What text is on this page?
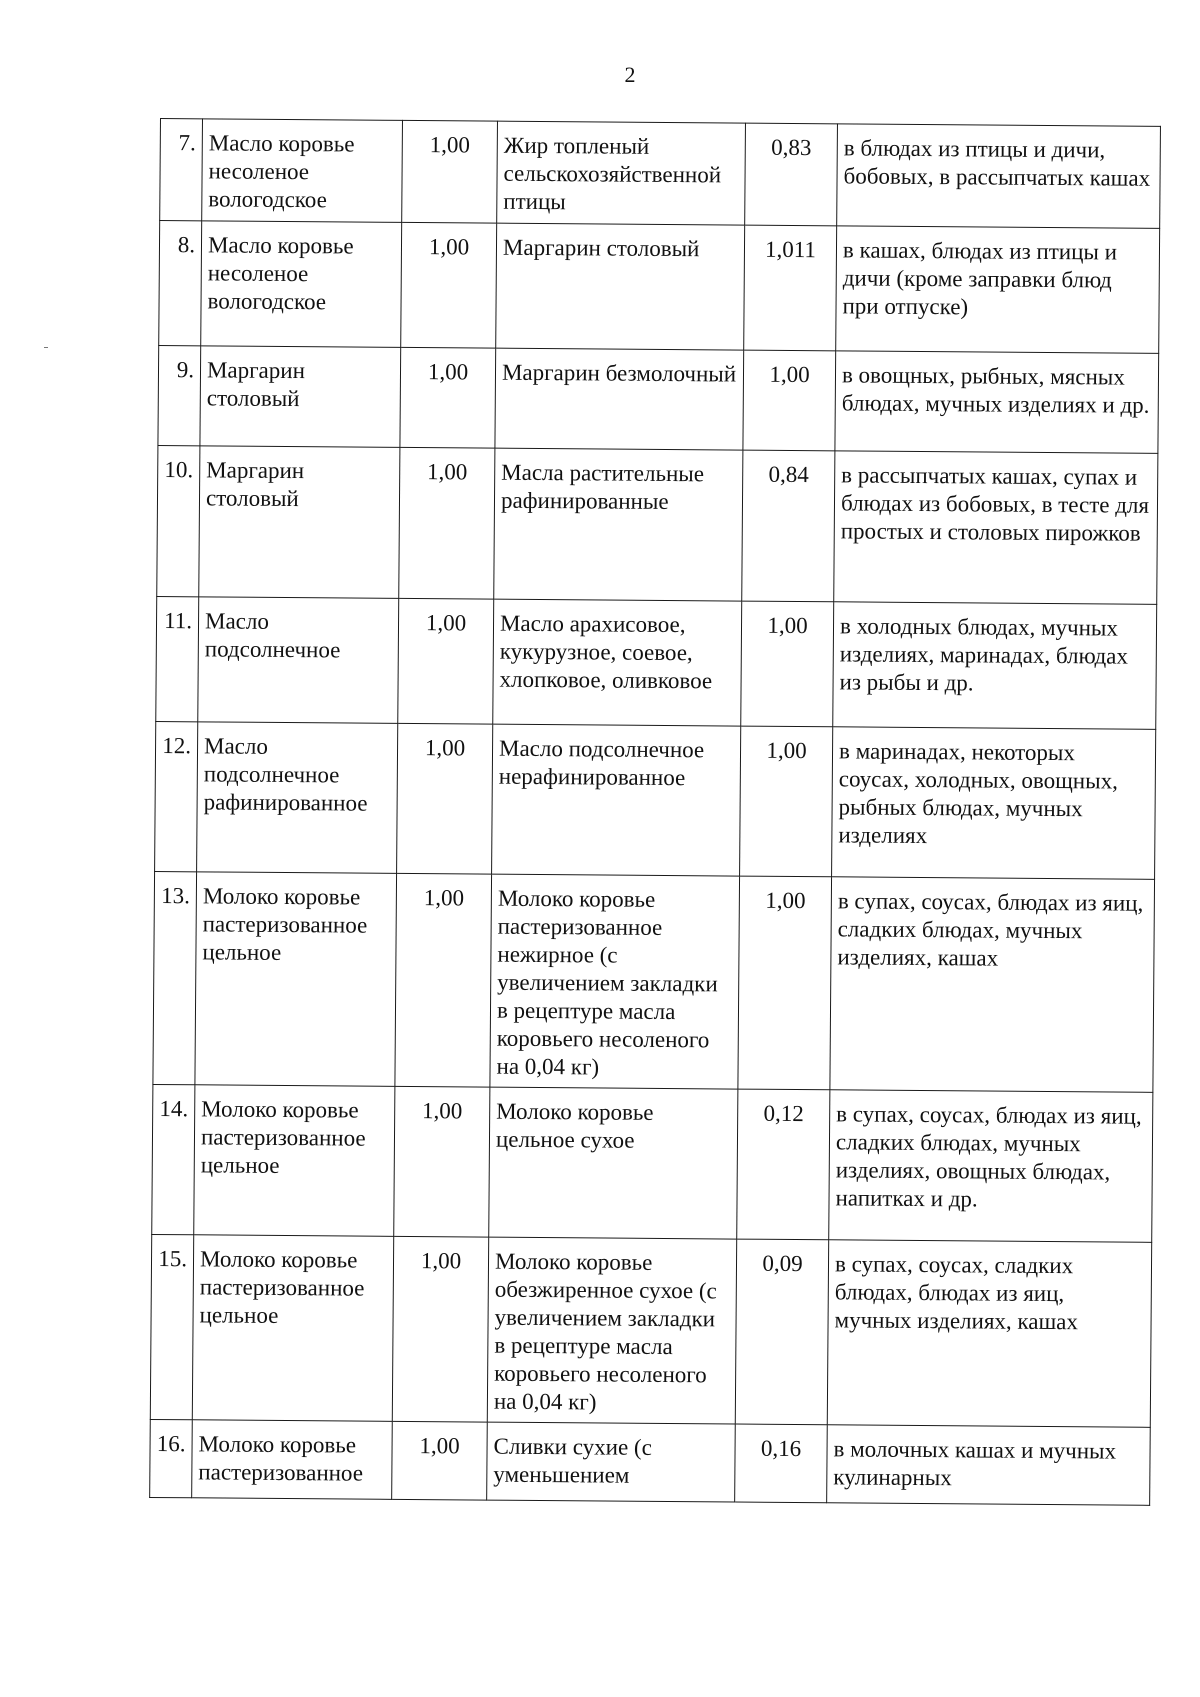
2
7.	Масло коровье несоленое вологодское	1,00	Жир топленый сельскохозяйственной птицы	0,83	в блюдах из птицы и дичи, бобовых, в рассыпчатых кашах
8.	Масло коровье несоленое вологодское	1,00	Маргарин столовый	1,011	в кашах, блюдах из птицы и дичи (кроме заправки блюд при отпуске)
9.	Маргарин столовый	1,00	Маргарин безмолочный	1,00	в овощных, рыбных, мясных блюдах, мучных изделиях и др.
10.	Маргарин столовый	1,00	Масла растительные рафинированные	0,84	в рассыпчатых кашах, супах и блюдах из бобовых, в тесте для простых и столовых пирожков
11.	Масло подсолнечное	1,00	Масло арахисовое, кукурузное, соевое, хлопковое, оливковое	1,00	в холодных блюдах, мучных изделиях, маринадах, блюдах из рыбы и др.
12.	Масло подсолнечное рафинированное	1,00	Масло подсолнечное нерафинированное	1,00	в маринадах, некоторых соусах, холодных, овощных, рыбных блюдах, мучных изделиях
13.	Молоко коровье пастеризованное цельное	1,00	Молоко коровье пастеризованное нежирное (с увеличением закладки в рецептуре масла коровьего несоленого на 0,04 кг)	1,00	в супах, соусах, блюдах из яиц, сладких блюдах, мучных изделиях, кашах
14.	Молоко коровье пастеризованное цельное	1,00	Молоко коровье цельное сухое	0,12	в супах, соусах, блюдах из яиц, сладких блюдах, мучных изделиях, овощных блюдах, напитках и др.
15.	Молоко коровье пастеризованное цельное	1,00	Молоко коровье обезжиренное сухое (с увеличением закладки в рецептуре масла коровьего несоленого на 0,04 кг)	0,09	в супах, соусах, сладких блюдах, блюдах из яиц, мучных изделиях, кашах
16.	Молоко коровье пастеризованное	1,00	Сливки сухие (с уменьшением	0,16	в молочных кашах и мучных кулинарных
